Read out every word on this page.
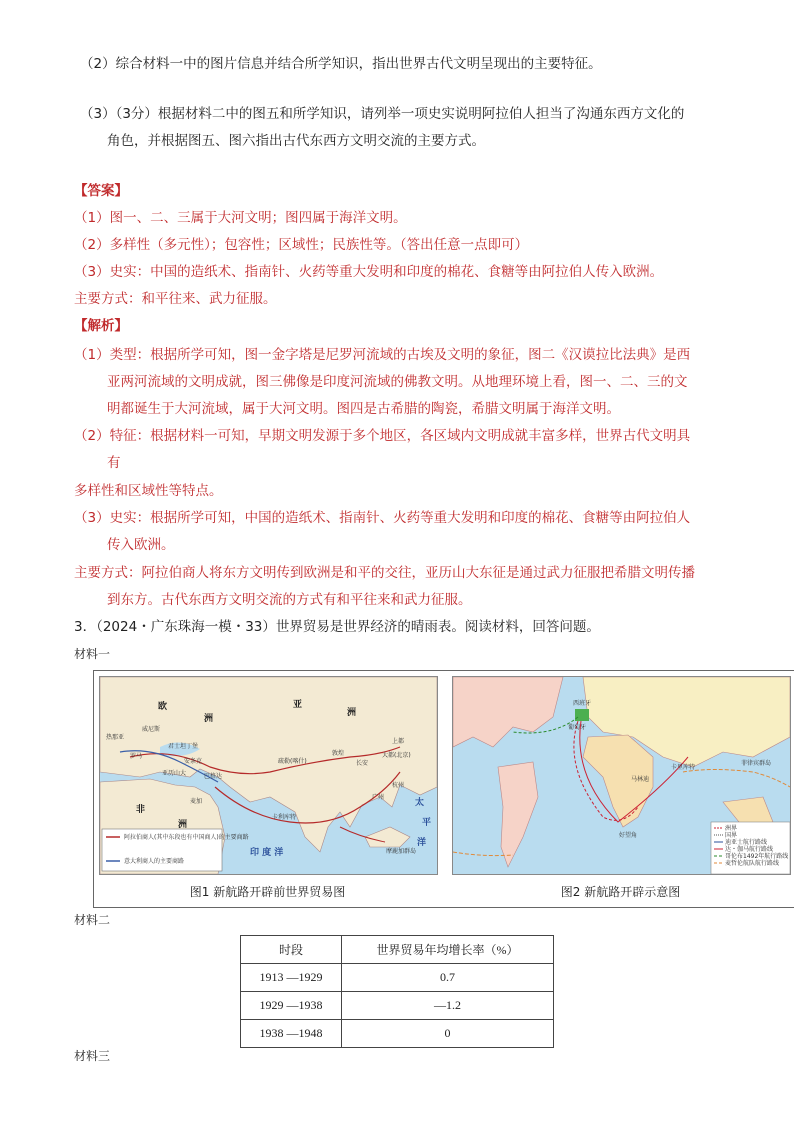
（2）综合材料一中的图片信息并结合所学知识，指出世界古代文明呈现出的主要特征。
（3）（3分）根据材料二中的图五和所学知识，请列举一项史实说明阿拉伯人担当了沟通东西方文化的
角色，并根据图五、图六指出古代东西方文明交流的主要方式。
【答案】
（1）图一、二、三属于大河文明；图四属于海洋文明。
（2）多样性（多元性）；包容性；区域性；民族性等。（答出任意一点即可）
（3）史实：中国的造纸术、指南针、火药等重大发明和印度的棉花、食糖等由阿拉伯人传入欧洲。
主要方式：和平往来、武力征服。
【解析】
（1）类型：根据所学可知，图一金字塔是尼罗河流域的古埃及文明的象征，图二《汉谟拉比法典》是西
亚两河流域的文明成就，图三佛像是印度河流域的佛教文明。从地理环境上看，图一、二、三的文
明都诞生于大河流域，属于大河文明。图四是古希腊的陶瓷，希腊文明属于海洋文明。
（2）特征：根据材料一可知，早期文明发源于多个地区，各区域内文明成就丰富多样，世界古代文明具
有
多样性和区域性等特点。
（3）史实：根据所学可知，中国的造纸术、指南针、火药等重大发明和印度的棉花、食糖等由阿拉伯人
传入欧洲。
主要方式：阿拉伯商人将东方文明传到欧洲是和平的交往，亚历山大东征是通过武力征服把希腊文明传播
到东方。古代东西方文明交流的方式有和平往来和武力征服。
3．（2024・广东珠海一模・33）世界贸易是世界经济的晴雨表。阅读材料，回答问题。
材料一
欧
洲
亚
洲
非
洲
太
平
洋
印 度 洋
热那亚
威尼斯
君士坦丁堡
罗马
安条克
巴格达
亚历山大
麦加
卡利库特
疏勒(喀什)
敦煌
长安
上都
大都(北京)
杭州
广州
摩鹿加群岛
阿拉伯商人(其中东段也有中国商人)的主要商路
意大利商人的主要商路
洲界
国界
迪亚士航行路线
达・伽马航行路线
哥伦布1492年航行路线
麦哲伦航队航行路线
西班牙
葡萄牙
马林迪
卡里库特
菲律宾群岛
好望角
图1 新航路开辟前世界贸易图	图2 新航路开辟示意图
材料二
时段	世界贸易年均增长率（%）
1913 —1929	0.7
1929 —1938	—1.2
1938 —1948	0
材料三
